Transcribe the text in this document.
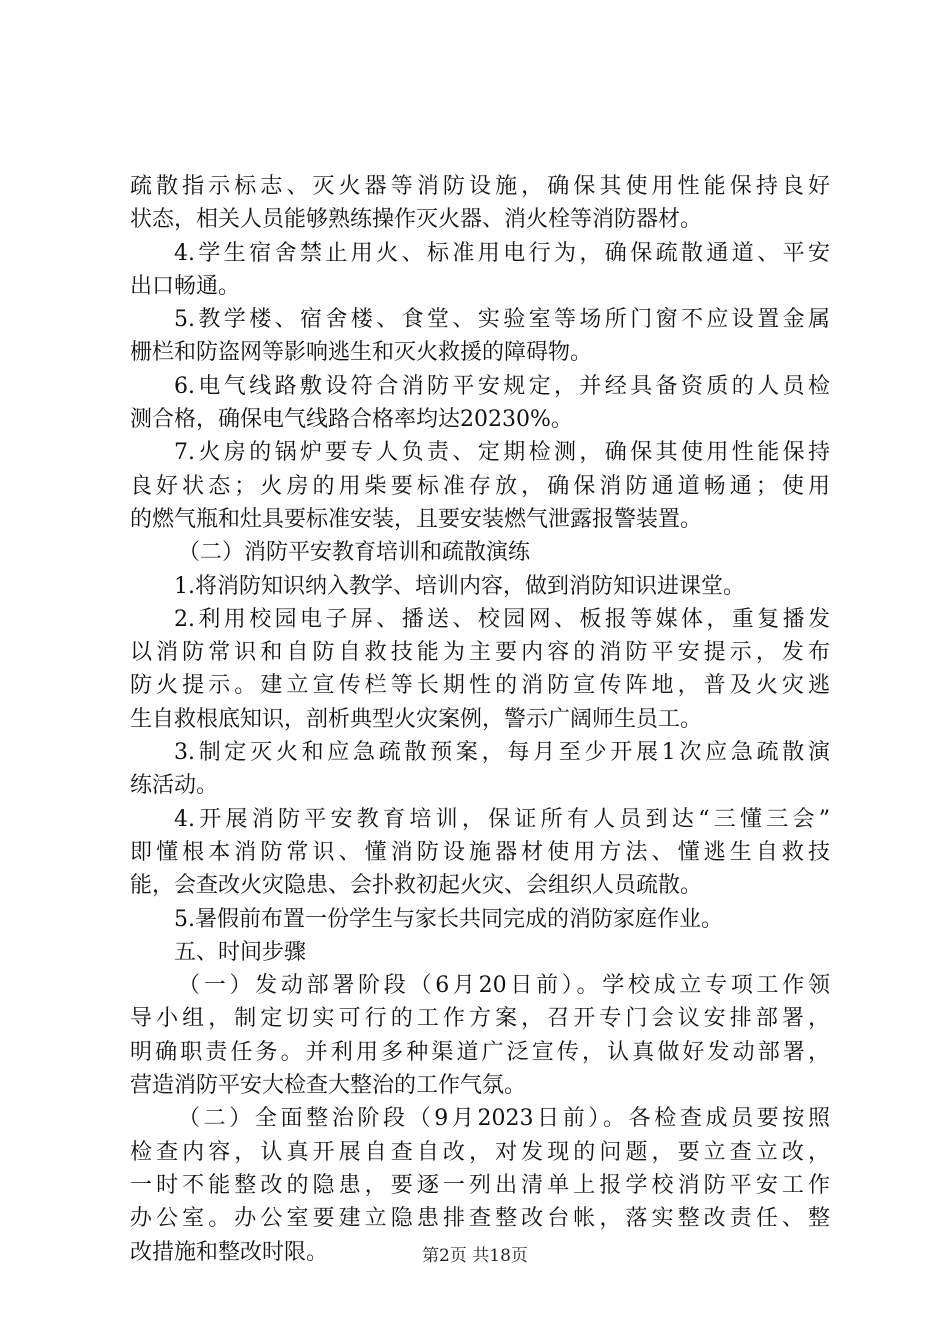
疏散指示标志、灭火器等消防设施，确保其使用性能保持良好
状态，相关人员能够熟练操作灭火器、消火栓等消防器材。
4.学生宿舍禁止用火、标准用电行为，确保疏散通道、平安
出口畅通。
5.教学楼、宿舍楼、食堂、实验室等场所门窗不应设置金属
栅栏和防盗网等影响逃生和灭火救援的障碍物。
6.电气线路敷设符合消防平安规定，并经具备资质的人员检
测合格，确保电气线路合格率均达20230%。
7.火房的锅炉要专人负责、定期检测，确保其使用性能保持
良好状态；火房的用柴要标准存放，确保消防通道畅通；使用
的燃气瓶和灶具要标准安装，且要安装燃气泄露报警装置。
（二）消防平安教育培训和疏散演练
1.将消防知识纳入教学、培训内容，做到消防知识进课堂。
2.利用校园电子屏、播送、校园网、板报等媒体，重复播发
以消防常识和自防自救技能为主要内容的消防平安提示，发布
防火提示。建立宣传栏等长期性的消防宣传阵地，普及火灾逃
生自救根底知识，剖析典型火灾案例，警示广阔师生员工。
3.制定灭火和应急疏散预案，每月至少开展1次应急疏散演
练活动。
4.开展消防平安教育培训，保证所有人员到达“三懂三会”
即懂根本消防常识、懂消防设施器材使用方法、懂逃生自救技
能，会查改火灾隐患、会扑救初起火灾、会组织人员疏散。
5.暑假前布置一份学生与家长共同完成的消防家庭作业。
五、时间步骤
（一）发动部署阶段（6月20日前）。学校成立专项工作领
导小组，制定切实可行的工作方案，召开专门会议安排部署，
明确职责任务。并利用多种渠道广泛宣传，认真做好发动部署，
营造消防平安大检查大整治的工作气氛。
（二）全面整治阶段（9月2023日前）。各检查成员要按照
检查内容，认真开展自查自改，对发现的问题，要立查立改，
一时不能整改的隐患，要逐一列出清单上报学校消防平安工作
办公室。办公室要建立隐患排查整改台帐，落实整改责任、整
改措施和整改时限。	第2页 共18页
